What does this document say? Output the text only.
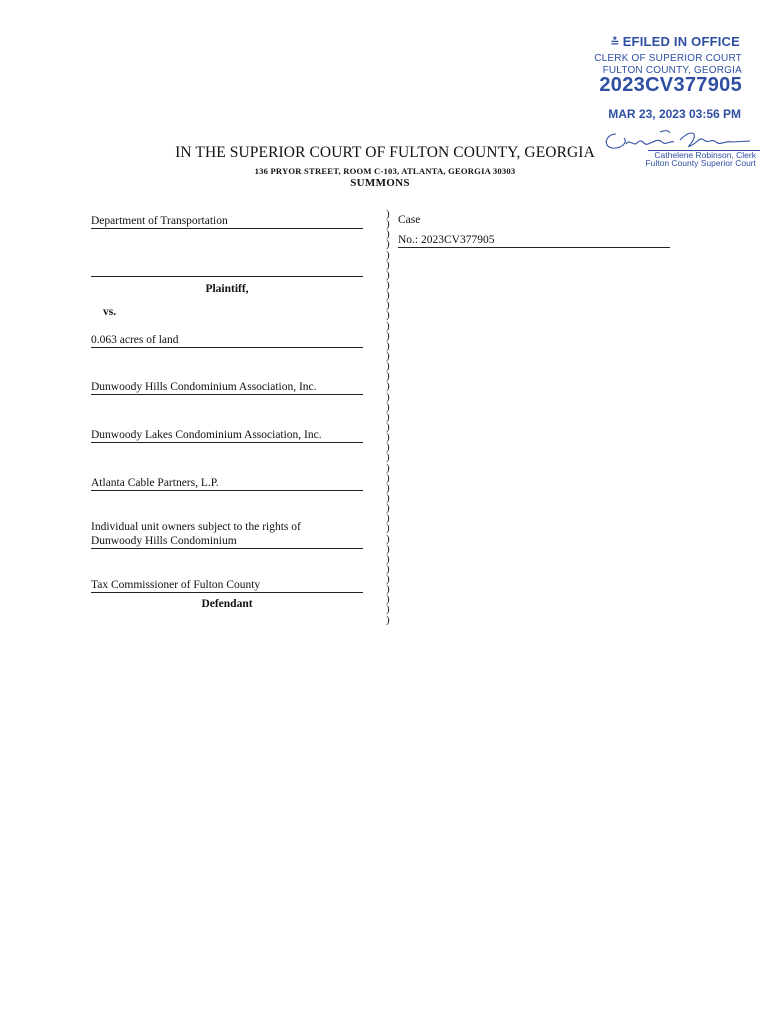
≛ EFILED IN OFFICE
CLERK OF SUPERIOR COURT
FULTON COUNTY, GEORGIA
2023CV377905
MAR 23, 2023 03:56 PM
Cathelene Robinson, Clerk
Fulton County Superior Court
IN THE SUPERIOR COURT OF FULTON COUNTY, GEORGIA
136 PRYOR STREET, ROOM C-103, ATLANTA, GEORGIA 30303
SUMMONS
Department of Transportation
Plaintiff,
vs.
0.063 acres of land
Dunwoody Hills Condominium Association, Inc.
Dunwoody Lakes Condominium Association, Inc.
Atlanta Cable Partners, L.P.
Individual unit owners subject to the rights of
Dunwoody Hills Condominium
Tax Commissioner of Fulton County
Defendant
)
)
)
)
)
)
)
)
)
)
)
)
)
)
)
)
)
)
)
)
)
)
)
)
)
)
)
)
)
)
)
)
)
)
)
)
)
)
)
)
)
Case
No.: 2023CV377905
